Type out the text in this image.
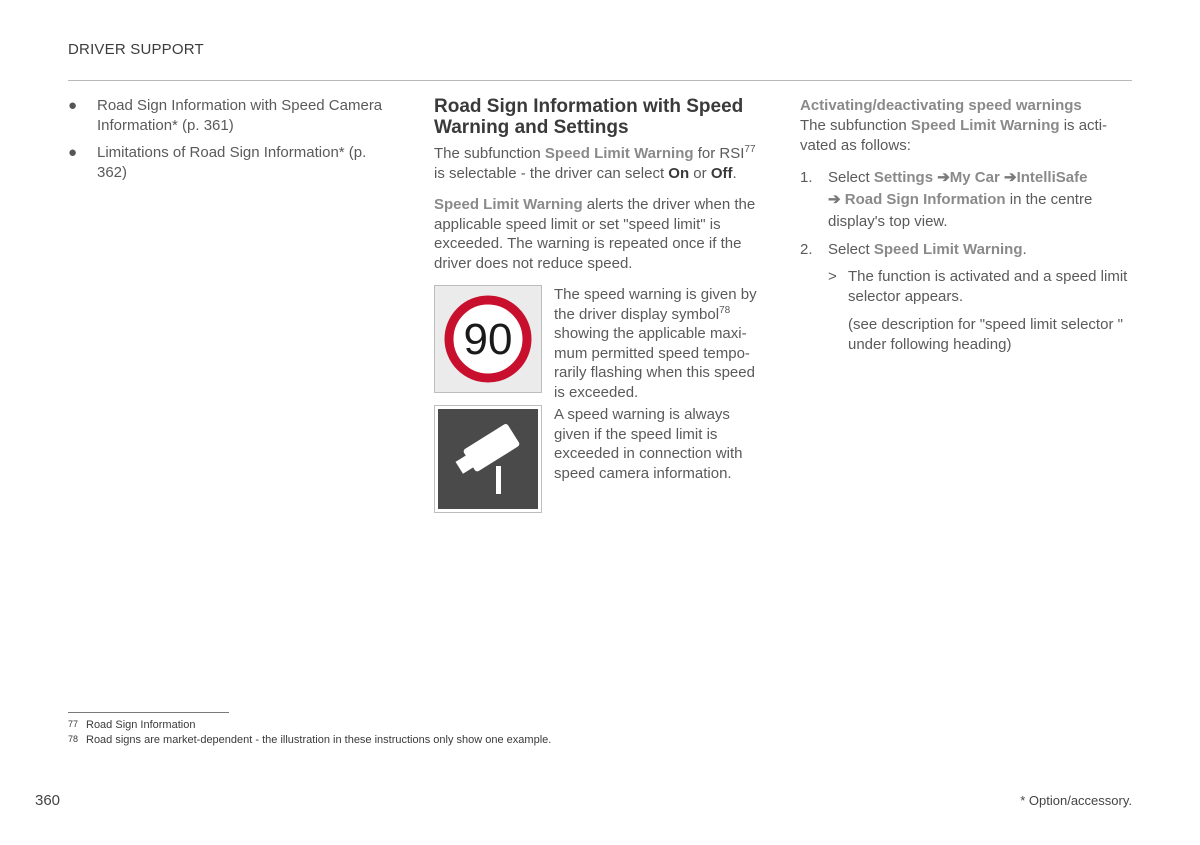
DRIVER SUPPORT
● Road Sign Information with Speed Camera Information* (p. 361)
● Limitations of Road Sign Information* (p. 362)
Road Sign Information with Speed Warning and Settings

The subfunction Speed Limit Warning for RSI$^{77}$ is selectable - the driver can select On or Off.

Speed Limit Warning alerts the driver when the applicable speed limit or set "speed limit" is exceeded. The warning is repeated once if the driver does not reduce speed.

90
The speed warning is given by the driver display symbol$^{78}$ showing the applicable maxi-mum permitted speed tempo-rarily flashing when this speed is exceeded.
A speed warning is always given if the speed limit is exceeded in connection with speed camera information.
Activating/deactivating speed warnings

The subfunction Speed Limit Warning is acti-vated as follows:

1. Select Settings ➔My Car ➔IntelliSafe
➔ Road Sign Information in the centre display's top view.
2. Select Speed Limit Warning.
> The function is activated and a speed limit selector appears.
(see description for "speed limit selector " under following heading)
77 Road Sign Information
78 Road signs are market-dependent - the illustration in these instructions only show one example.
360	* Option/accessory.
